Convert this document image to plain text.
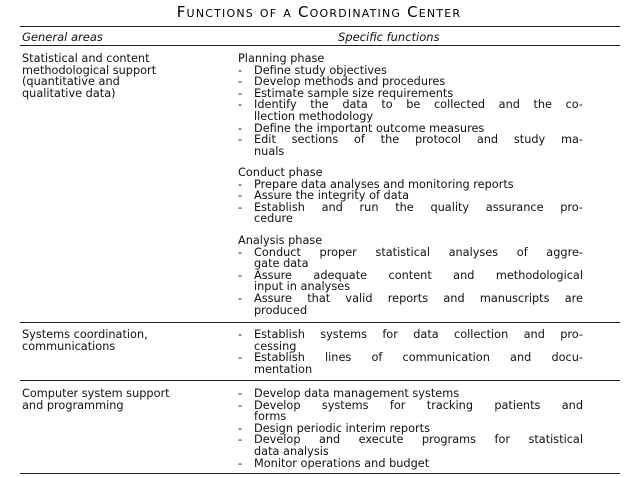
Functions of a Coordinating Center
General areas	Specific functions
Statistical and content
methodological support
(quantitative and
qualitative data)
Planning phase
- Define study objectives
- Develop methods and procedures
- Estimate sample size requirements
- Identify the data to be collected and the co-
llection methodology
- Define the important outcome measures
- Edit sections of the protocol and study ma-
nuals
Conduct phase
- Prepare data analyses and monitoring reports
- Assure the integrity of data
- Establish and run the quality assurance pro-
cedure
Analysis phase
- Conduct proper statistical analyses of aggre-
gate data
- Assure adequate content and methodological
input in analyses
- Assure that valid reports and manuscripts are
produced
Systems coordination,
communications
- Establish systems for data collection and pro-
cessing
- Establish lines of communication and docu-
mentation
Computer system support
and programming
- Develop data management systems
- Develop systems for tracking patients and
forms
- Design periodic interim reports
- Develop and execute programs for statistical
data analysis
- Monitor operations and budget
